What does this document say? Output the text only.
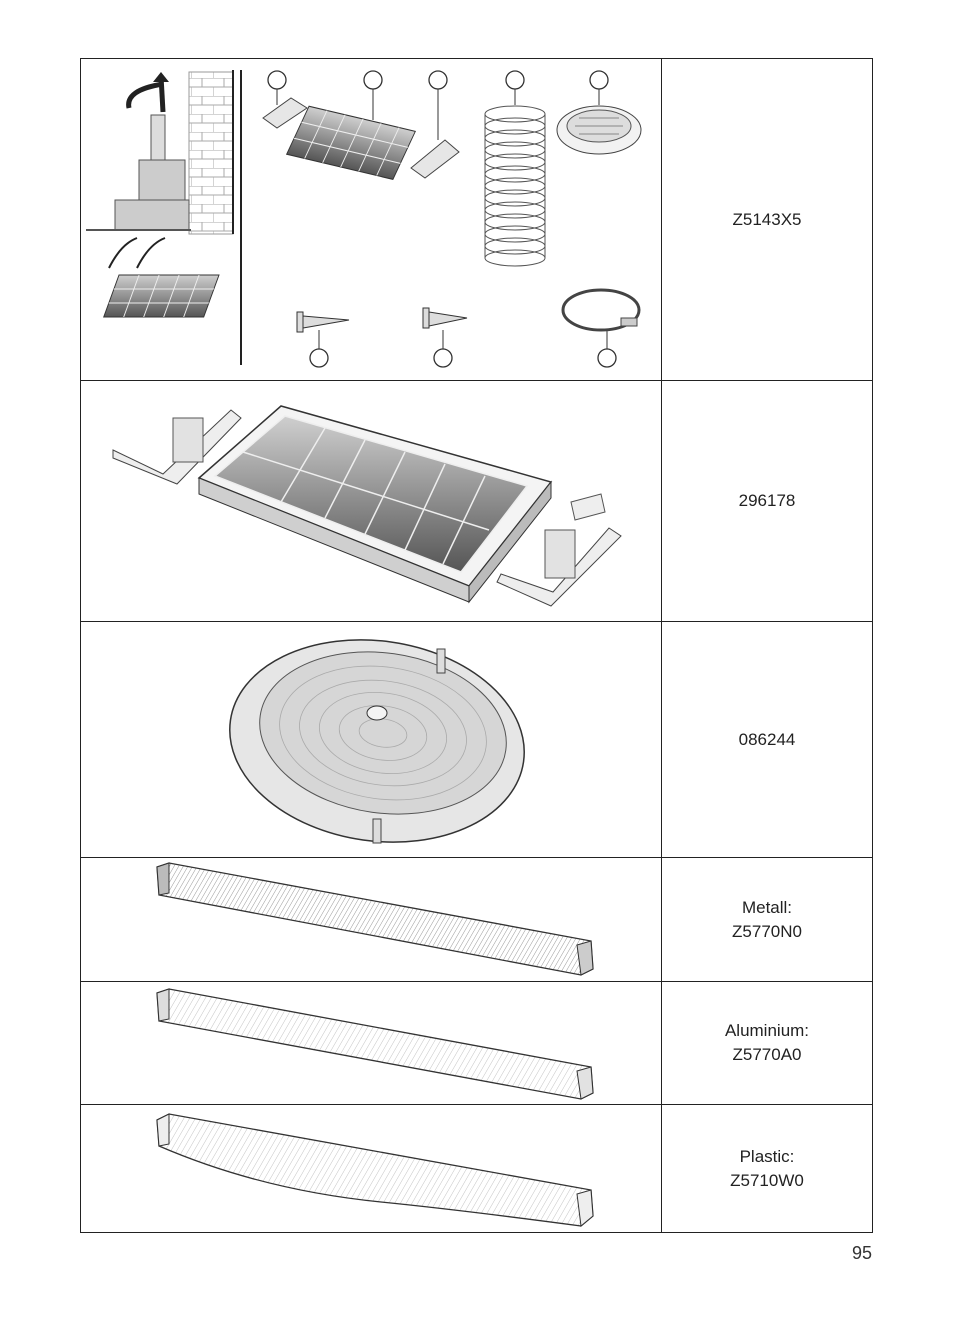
Z5143X5

296178

086244

Metall:
Z5770N0

Aluminium:
Z5770A0

Plastic:
Z5710W0
95
